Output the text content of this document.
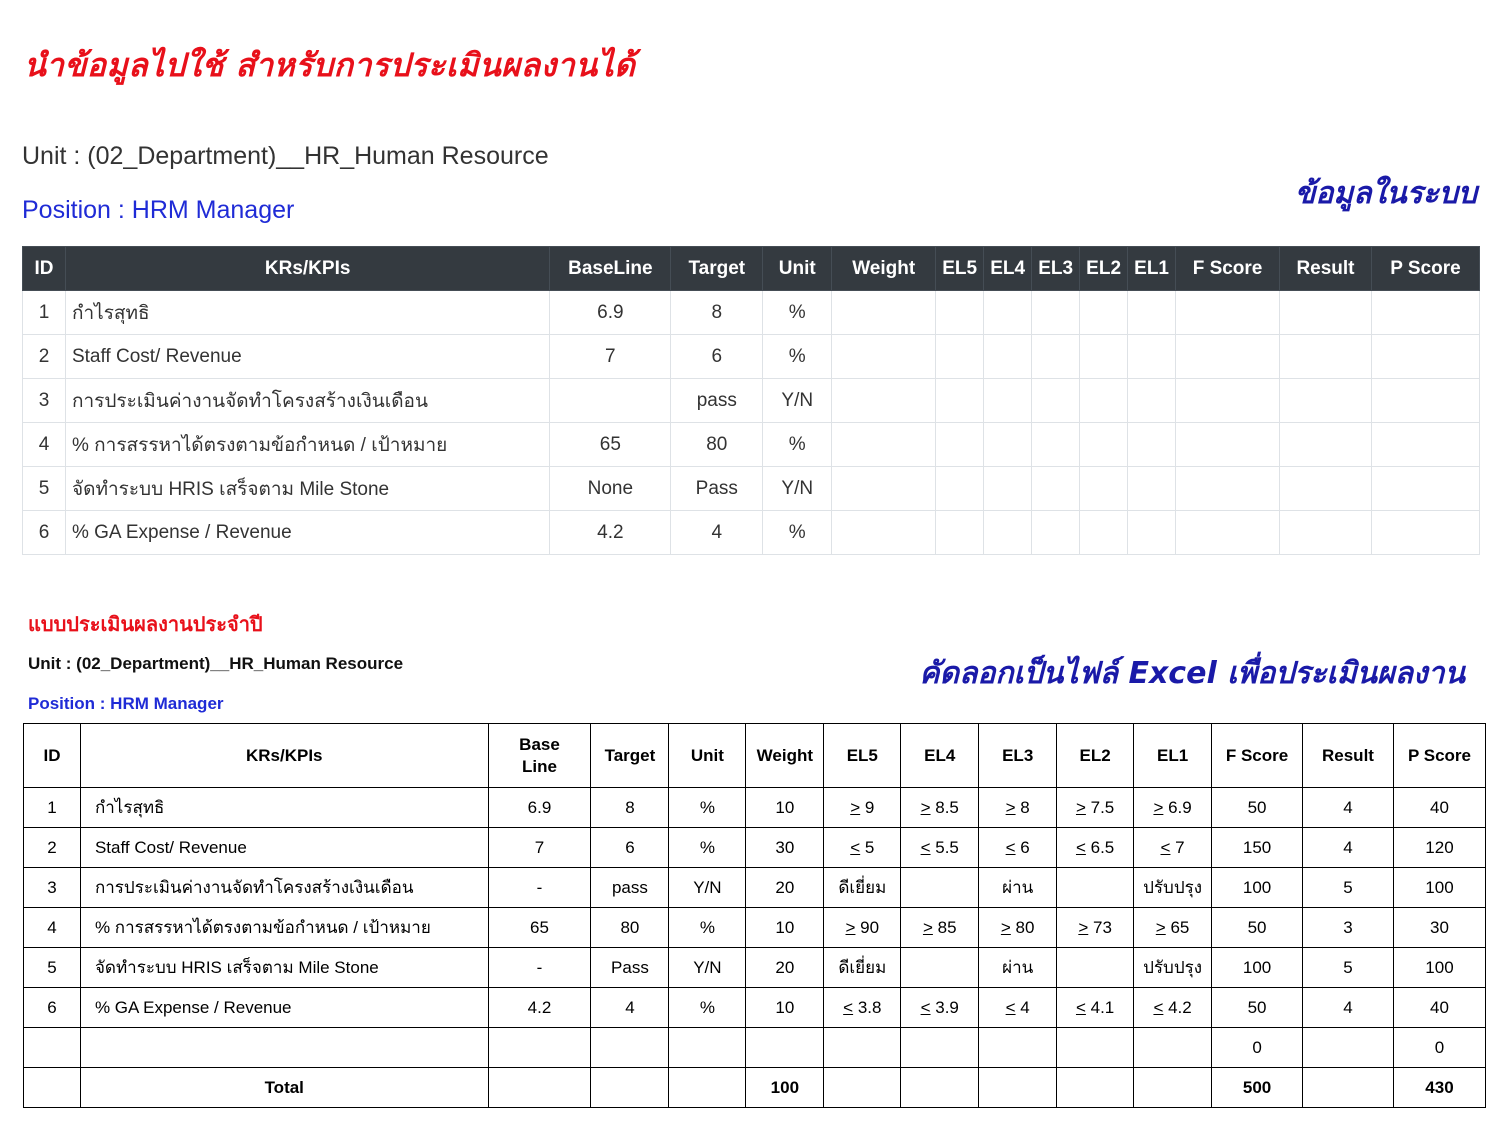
นำข้อมูลไปใช้ สำหรับการประเมินผลงานได้
Unit : (02_Department)__HR_Human Resource
Position : HRM Manager	ข้อมูลในระบบ
ID	KRs/KPIs	BaseLine	Target	Unit	Weight	EL5	EL4	EL3	EL2	EL1	F Score	Result	P Score
1	กำไรสุทธิ	6.9	8	%									
2	Staff Cost/ Revenue	7	6	%									
3	การประเมินค่างานจัดทำโครงสร้างเงินเดือน		pass	Y/N									
4	% การสรรหาได้ตรงตามข้อกำหนด / เป้าหมาย	65	80	%									
5	จัดทำระบบ HRIS เสร็จตาม Mile Stone	None	Pass	Y/N									
6	% GA Expense / Revenue	4.2	4	%									
แบบประเมินผลงานประจำปี
Unit : (02_Department)__HR_Human Resource
Position : HRM Manager
คัดลอกเป็นไฟล์ Excel เพื่อประเมินผลงาน
ID	KRs/KPIs	Base
Line	Target	Unit	Weight	EL5	EL4	EL3	EL2	EL1	F Score	Result	P Score
1	กำไรสุทธิ	6.9	8	%	10	> 9	> 8.5	> 8	> 7.5	> 6.9	50	4	40
2	Staff Cost/ Revenue	7	6	%	30	< 5	< 5.5	< 6	< 6.5	< 7	150	4	120
3	การประเมินค่างานจัดทำโครงสร้างเงินเดือน	-	pass	Y/N	20	ดีเยี่ยม		ผ่าน		ปรับปรุง	100	5	100
4	% การสรรหาได้ตรงตามข้อกำหนด / เป้าหมาย	65	80	%	10	> 90	> 85	> 80	> 73	> 65	50	3	30
5	จัดทำระบบ HRIS เสร็จตาม Mile Stone	-	Pass	Y/N	20	ดีเยี่ยม		ผ่าน		ปรับปรุง	100	5	100
6	% GA Expense / Revenue	4.2	4	%	10	< 3.8	< 3.9	< 4	< 4.1	< 4.2	50	4	40
											0		0
	Total				100						500		430
